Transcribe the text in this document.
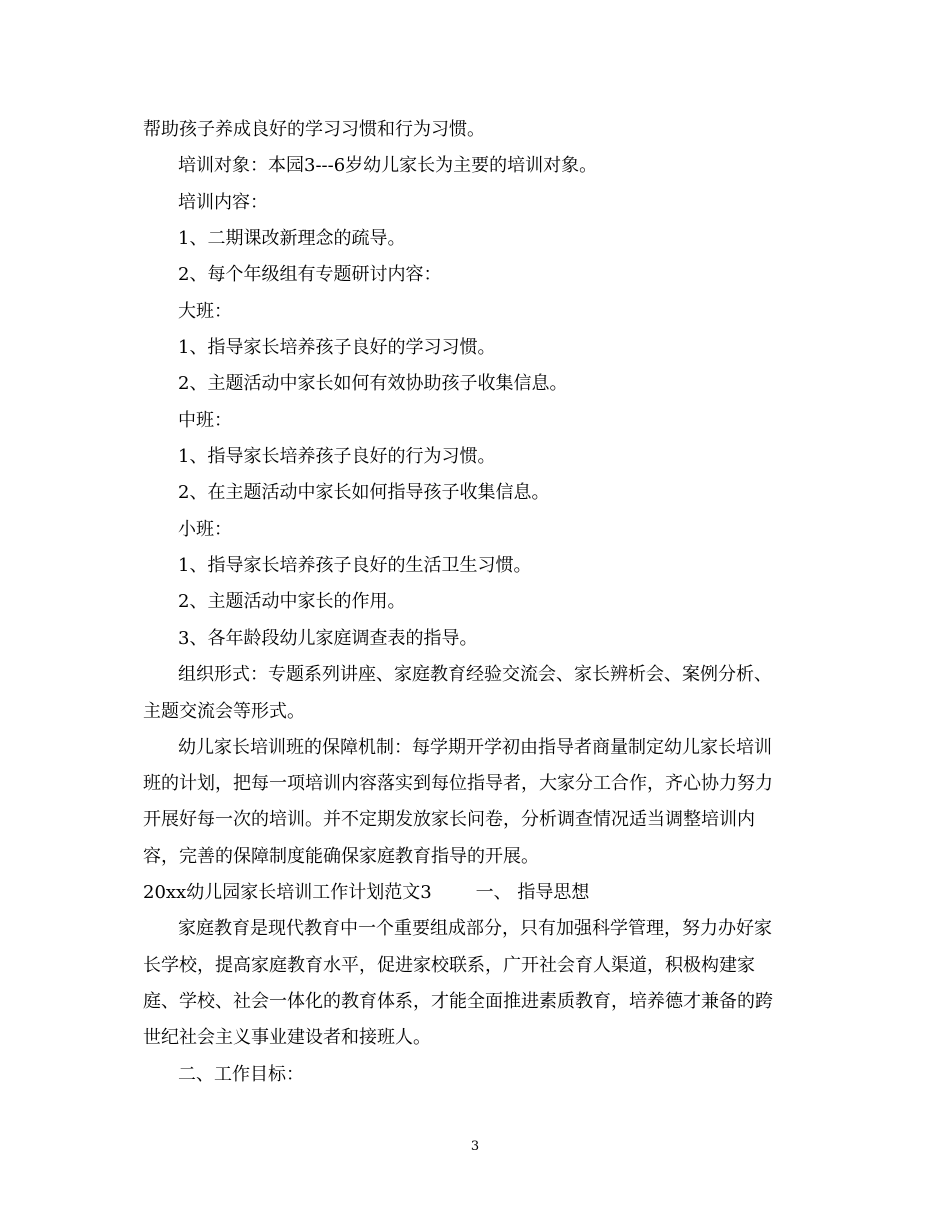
帮助孩子养成良好的学习习惯和行为习惯。
培训对象：本园3---6岁幼儿家长为主要的培训对象。
培训内容：
1、二期课改新理念的疏导。
2、每个年级组有专题研讨内容：
大班：
1、指导家长培养孩子良好的学习习惯。
2、主题活动中家长如何有效协助孩子收集信息。
中班：
1、指导家长培养孩子良好的行为习惯。
2、在主题活动中家长如何指导孩子收集信息。
小班：
1、指导家长培养孩子良好的生活卫生习惯。
2、主题活动中家长的作用。
3、各年龄段幼儿家庭调查表的指导。
组织形式：专题系列讲座、家庭教育经验交流会、家长辨析会、案例分析、
主题交流会等形式。
幼儿家长培训班的保障机制：每学期开学初由指导者商量制定幼儿家长培训
班的计划，把每一项培训内容落实到每位指导者，大家分工合作，齐心协力努力
开展好每一次的培训。并不定期发放家长问卷，分析调查情况适当调整培训内
容，完善的保障制度能确保家庭教育指导的开展。
20xx幼儿园家长培训工作计划范文3 一、 指导思想
家庭教育是现代教育中一个重要组成部分，只有加强科学管理，努力办好家
长学校，提高家庭教育水平，促进家校联系，广开社会育人渠道，积极构建家
庭、学校、社会一体化的教育体系，才能全面推进素质教育，培养德才兼备的跨
世纪社会主义事业建设者和接班人。
二、工作目标：
3
